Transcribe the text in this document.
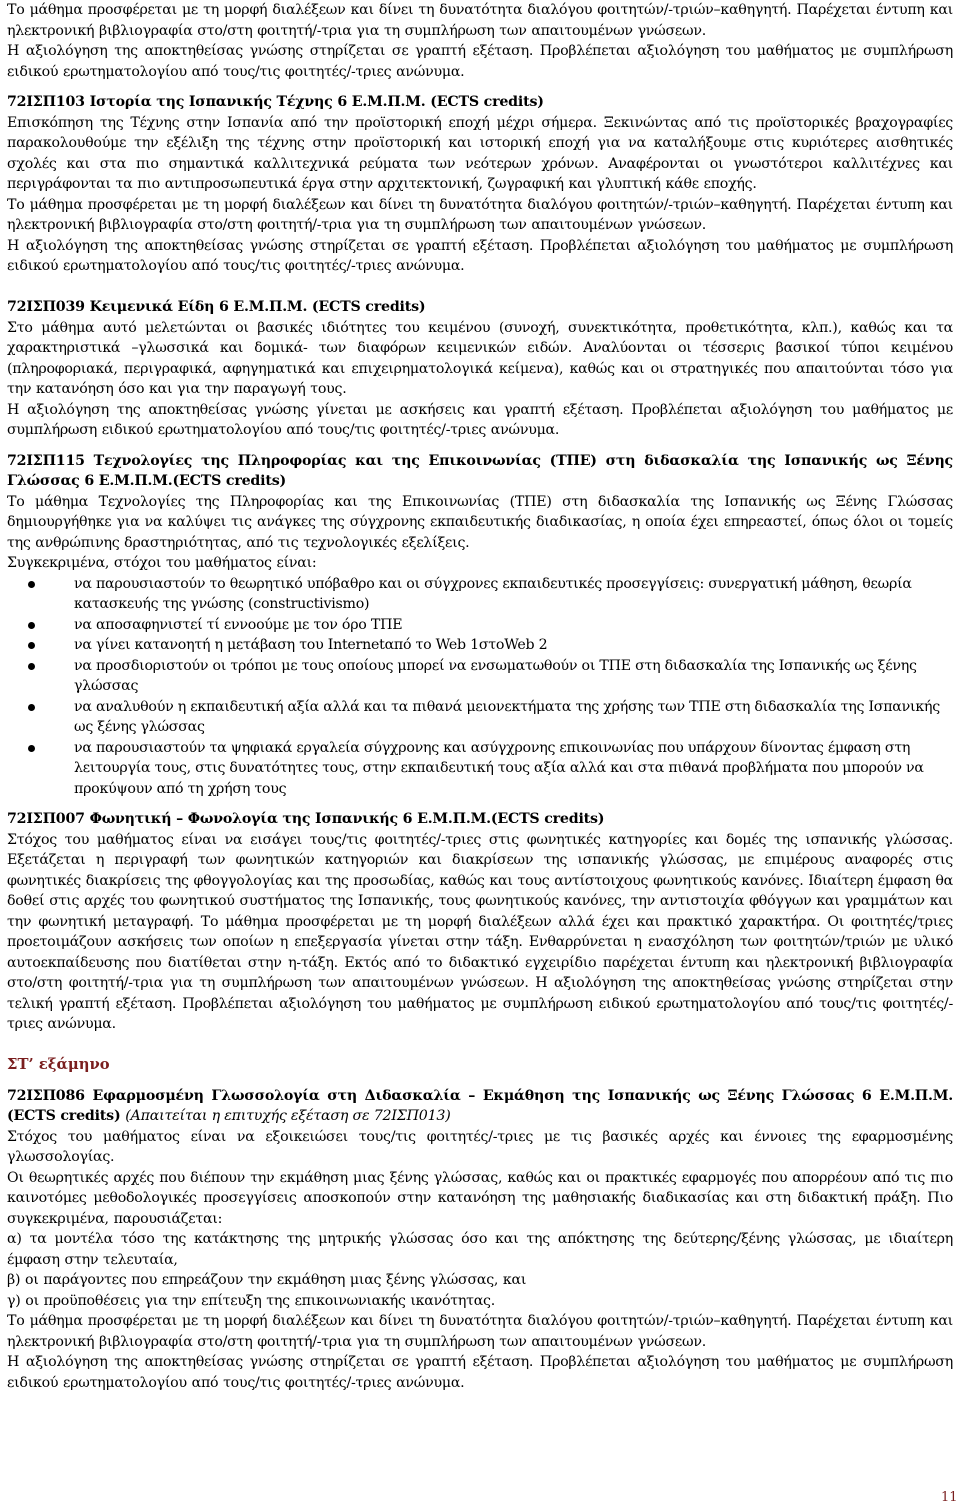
Το μάθημα προσφέρεται με τη μορφή διαλέξεων και δίνει τη δυνατότητα διαλόγου φοιτητών/-τριών–καθηγητή. Παρέχεται έντυπη και ηλεκτρονική βιβλιογραφία στο/στη φοιτητή/-τρια για τη συμπλήρωση των απαιτουμένων γνώσεων.

Η αξιολόγηση της αποκτηθείσας γνώσης στηρίζεται σε γραπτή εξέταση. Προβλέπεται αξιολόγηση του μαθήματος με συμπλήρωση ειδικού ερωτηματολογίου από τους/τις φοιτητές/-τριες ανώνυμα.

72ΙΣΠ103 Ιστορία της Ισπανικής Τέχνης 6 Ε.Μ.Π.Μ. (ECTS credits)

Επισκόπηση της Τέχνης στην Ισπανία από την προϊστορική εποχή μέχρι σήμερα. Ξεκινώντας από τις προϊστορικές βραχογραφίες παρακολουθούμε την εξέλιξη της τέχνης στην προϊστορική και ιστορική εποχή για να καταλήξουμε στις κυριότερες αισθητικές σχολές και στα πιο σημαντικά καλλιτεχνικά ρεύματα των νεότερων χρόνων. Αναφέρονται οι γνωστότεροι καλλιτέχνες και περιγράφονται τα πιο αντιπροσωπευτικά έργα στην αρχιτεκτονική, ζωγραφική και γλυπτική κάθε εποχής.

Το μάθημα προσφέρεται με τη μορφή διαλέξεων και δίνει τη δυνατότητα διαλόγου φοιτητών/-τριών–καθηγητή. Παρέχεται έντυπη και ηλεκτρονική βιβλιογραφία στο/στη φοιτητή/-τρια για τη συμπλήρωση των απαιτουμένων γνώσεων.

Η αξιολόγηση της αποκτηθείσας γνώσης στηρίζεται σε γραπτή εξέταση. Προβλέπεται αξιολόγηση του μαθήματος με συμπλήρωση ειδικού ερωτηματολογίου από τους/τις φοιτητές/-τριες ανώνυμα.

72ΙΣΠ039 Κειμενικά Είδη 6 Ε.Μ.Π.Μ. (ECTS credits)

Στο μάθημα αυτό μελετώνται οι βασικές ιδιότητες του κειμένου (συνοχή, συνεκτικότητα, προθετικότητα, κλπ.), καθώς και τα χαρακτηριστικά –γλωσσικά και δομικά- των διαφόρων κειμενικών ειδών. Αναλύονται οι τέσσερις βασικοί τύποι κειμένου (πληροφοριακά, περιγραφικά, αφηγηματικά και επιχειρηματολογικά κείμενα), καθώς και οι στρατηγικές που απαιτούνται τόσο για την κατανόηση όσο και για την παραγωγή τους.

Η αξιολόγηση της αποκτηθείσας γνώσης γίνεται με ασκήσεις και γραπτή εξέταση. Προβλέπεται αξιολόγηση του μαθήματος με συμπλήρωση ειδικού ερωτηματολογίου από τους/τις φοιτητές/-τριες ανώνυμα.

72ΙΣΠ115 Τεχνολογίες της Πληροφορίας και της Επικοινωνίας (ΤΠΕ) στη διδασκαλία της Ισπανικής ως Ξένης Γλώσσας 6 Ε.Μ.Π.Μ.(ECTS credits)

Το μάθημα Τεχνολογίες της Πληροφορίας και της Επικοινωνίας (ΤΠΕ) στη διδασκαλία της Ισπανικής ως Ξένης Γλώσσας δημιουργήθηκε για να καλύψει τις ανάγκες της σύγχρονης εκπαιδευτικής διαδικασίας, η οποία έχει επηρεαστεί, όπως όλοι οι τομείς της ανθρώπινης δραστηριότητας, από τις τεχνολογικές εξελίξεις.

Συγκεκριμένα, στόχοι του μαθήματος είναι:

να παρουσιαστούν το θεωρητικό υπόβαθρο και οι σύγχρονες εκπαιδευτικές προσεγγίσεις: συνεργατική μάθηση, θεωρία κατασκευής της γνώσης (constructivismo)
να αποσαφηνιστεί τί εννοούμε με τον όρο ΤΠΕ
να γίνει κατανοητή η μετάβαση του Internetαπό το Web 1στοWeb 2
να προσδιοριστούν οι τρόποι με τους οποίους μπορεί να ενσωματωθούν οι ΤΠΕ στη διδασκαλία της Ισπανικής ως ξένης γλώσσας
να αναλυθούν η εκπαιδευτική αξία αλλά και τα πιθανά μειονεκτήματα της χρήσης των ΤΠΕ στη διδασκαλία της Ισπανικής ως ξένης γλώσσας
να παρουσιαστούν τα ψηφιακά εργαλεία σύγχρονης και ασύγχρονης επικοινωνίας που υπάρχουν δίνοντας έμφαση στη λειτουργία τους, στις δυνατότητες τους, στην εκπαιδευτική τους αξία αλλά και στα πιθανά προβλήματα που μπορούν να προκύψουν από τη χρήση τους

72ΙΣΠ007 Φωνητική – Φωνολογία της Ισπανικής 6 Ε.Μ.Π.Μ.(ECTS credits)

Στόχος του μαθήματος είναι να εισάγει τους/τις φοιτητές/-τριες στις φωνητικές κατηγορίες και δομές της ισπανικής γλώσσας. Εξετάζεται η περιγραφή των φωνητικών κατηγοριών και διακρίσεων της ισπανικής γλώσσας, με επιμέρους αναφορές στις φωνητικές διακρίσεις της φθογγολογίας και της προσωδίας, καθώς και τους αντίστοιχους φωνητικούς κανόνες. Ιδιαίτερη έμφαση θα δοθεί στις αρχές του φωνητικού συστήματος της Ισπανικής, τους φωνητικούς κανόνες, την αντιστοιχία φθόγγων και γραμμάτων και την φωνητική μεταγραφή. Το μάθημα προσφέρεται με τη μορφή διαλέξεων αλλά έχει και πρακτικό χαρακτήρα. Οι φοιτητές/τριες προετοιμάζουν ασκήσεις των οποίων η επεξεργασία γίνεται στην τάξη. Ενθαρρύνεται η ενασχόληση των φοιτητών/τριών με υλικό αυτοεκπαίδευσης που διατίθεται στην η-τάξη. Εκτός από το διδακτικό εγχειρίδιο παρέχεται έντυπη και ηλεκτρονική βιβλιογραφία στο/στη φοιτητή/-τρια για τη συμπλήρωση των απαιτουμένων γνώσεων. Η αξιολόγηση της αποκτηθείσας γνώσης στηρίζεται στην τελική γραπτή εξέταση. Προβλέπεται αξιολόγηση του μαθήματος με συμπλήρωση ειδικού ερωτηματολογίου από τους/τις φοιτητές/-τριες ανώνυμα.

ΣΤ’ εξάμηνο

72ΙΣΠ086 Εφαρμοσμένη Γλωσσολογία στη Διδασκαλία – Εκμάθηση της Ισπανικής ως Ξένης Γλώσσας 6 Ε.Μ.Π.Μ.(ECTS credits) (Απαιτείται η επιτυχής εξέταση σε 72ΙΣΠ013)

Στόχος του μαθήματος είναι να εξοικειώσει τους/τις φοιτητές/-τριες με τις βασικές αρχές και έννοιες της εφαρμοσμένης γλωσσολογίας.

Οι θεωρητικές αρχές που διέπουν την εκμάθηση μιας ξένης γλώσσας, καθώς και οι πρακτικές εφαρμογές που απορρέουν από τις πιο καινοτόμες μεθοδολογικές προσεγγίσεις αποσκοπούν στην κατανόηση της μαθησιακής διαδικασίας και στη διδακτική πράξη. Πιο συγκεκριμένα, παρουσιάζεται:

α) τα μοντέλα τόσο της κατάκτησης της μητρικής γλώσσας όσο και της απόκτησης της δεύτερης/ξένης γλώσσας, με ιδιαίτερη έμφαση στην τελευταία,

β) οι παράγοντες που επηρεάζουν την εκμάθηση μιας ξένης γλώσσας, και

γ) οι προϋποθέσεις για την επίτευξη της επικοινωνιακής ικανότητας.

Το μάθημα προσφέρεται με τη μορφή διαλέξεων και δίνει τη δυνατότητα διαλόγου φοιτητών/-τριών–καθηγητή. Παρέχεται έντυπη και ηλεκτρονική βιβλιογραφία στο/στη φοιτητή/-τρια για τη συμπλήρωση των απαιτουμένων γνώσεων.

Η αξιολόγηση της αποκτηθείσας γνώσης στηρίζεται σε γραπτή εξέταση. Προβλέπεται αξιολόγηση του μαθήματος με συμπλήρωση ειδικού ερωτηματολογίου από τους/τις φοιτητές/-τριες ανώνυμα.

11
